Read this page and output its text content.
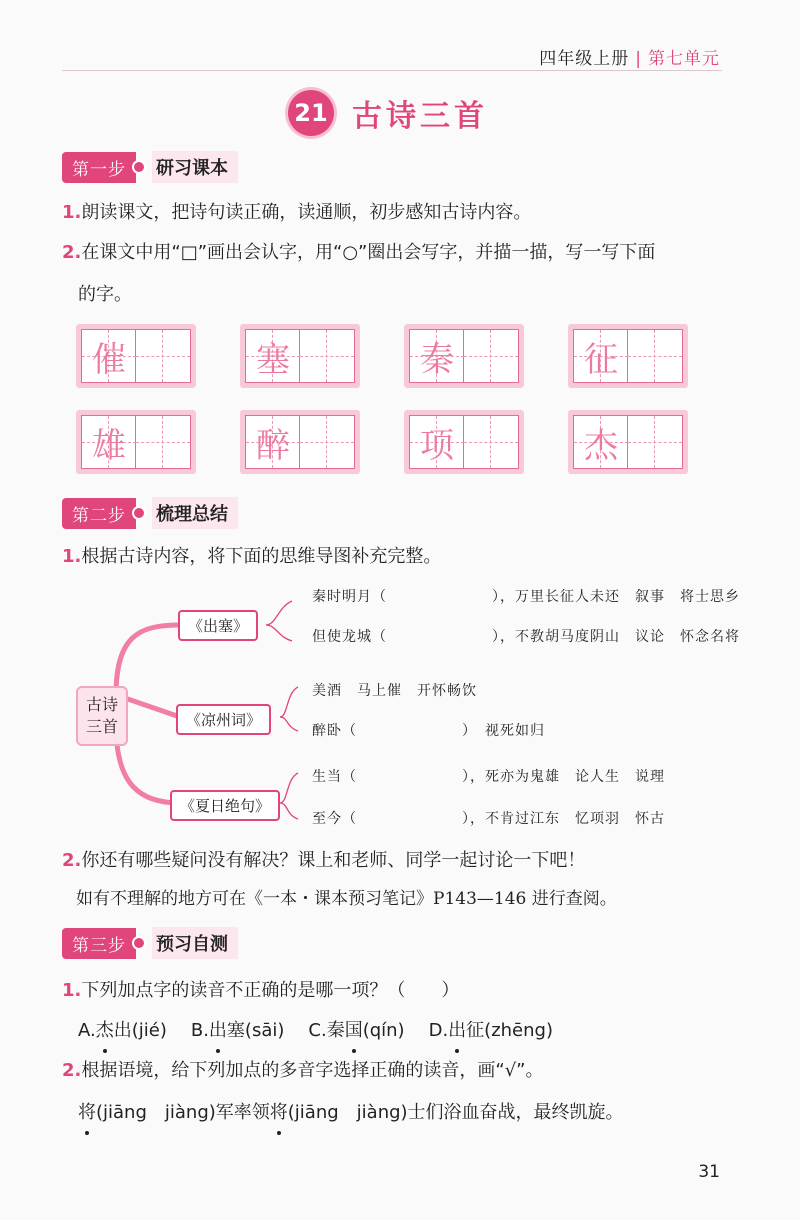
四年级上册 | 第七单元
21 古诗三首
第一步	研习课本
1.朗读课文，把诗句读正确，读通顺，初步感知古诗内容。
2.在课文中用“□”画出会认字，用“○”圈出会写字，并描一描，写一写下面
的字。
催	塞	秦	征
雄	醉	项	杰
第二步	梳理总结
1.根据古诗内容，将下面的思维导图补充完整。
古诗
三首
《出塞》
《凉州词》
《夏日绝句》
秦时明月（　　　　　　　），万里长征人未还　叙事　将士思乡
但使龙城（　　　　　　　），不教胡马度阴山　议论　怀念名将
美酒　马上催　开怀畅饮
醉卧（　　　　　　　）　视死如归
生当（　　　　　　　），死亦为鬼雄　论人生　说理
至今（　　　　　　　），不肯过江东　忆项羽　怀古
2.你还有哪些疑问没有解决？课上和老师、同学一起讨论一下吧！
如有不理解的地方可在《一本・课本预习笔记》P143—146 进行查阅。
第三步	预习自测
1.下列加点字的读音不正确的是哪一项？（　　）
A.杰出(jié) B.出塞(sāi) C.秦国(qín) D.出征(zhēng)
2.根据语境，给下列加点的多音字选择正确的读音，画“√”。
将(jiāng　jiàng)军率领将(jiāng　jiàng)士们浴血奋战，最终凯旋。
31
